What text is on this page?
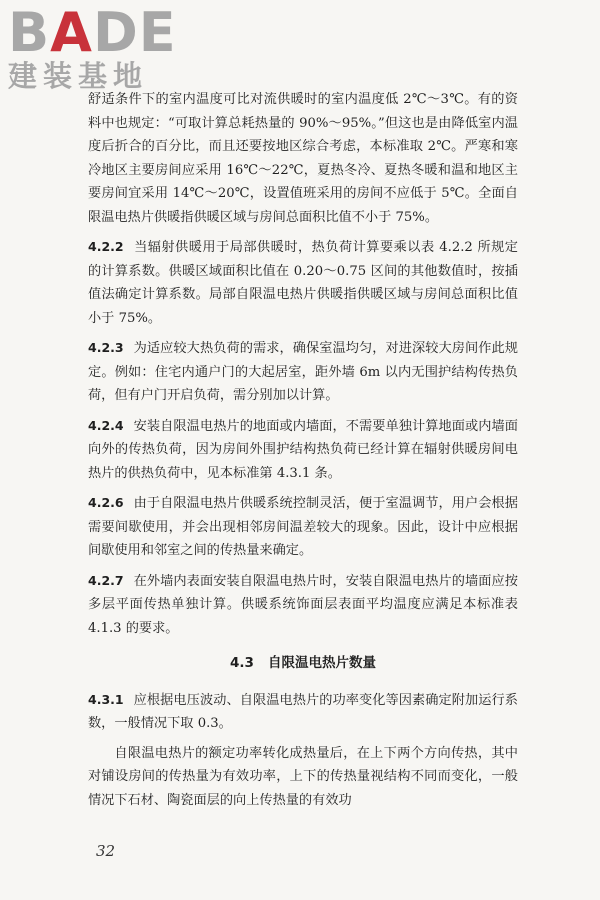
BADE
建装基地

舒适条件下的室内温度可比对流供暖时的室内温度低 2℃～3℃。有的资料中也规定：“可取计算总耗热量的 90%～95%。”但这也是由降低室内温度后折合的百分比，而且还要按地区综合考虑，本标准取 2℃。严寒和寒冷地区主要房间应采用 16℃～22℃，夏热冬冷、夏热冬暖和温和地区主要房间宜采用 14℃～20℃，设置值班采用的房间不应低于 5℃。全面自限温电热片供暖指供暖区域与房间总面积比值不小于 75%。

4.2.2 当辐射供暖用于局部供暖时，热负荷计算要乘以表 4.2.2 所规定的计算系数。供暖区域面积比值在 0.20～0.75 区间的其他数值时，按插值法确定计算系数。局部自限温电热片供暖指供暖区域与房间总面积比值小于 75%。

4.2.3 为适应较大热负荷的需求，确保室温均匀，对进深较大房间作此规定。例如：住宅内通户门的大起居室，距外墙 6m 以内无围护结构传热负荷，但有户门开启负荷，需分别加以计算。

4.2.4 安装自限温电热片的地面或内墙面，不需要单独计算地面或内墙面向外的传热负荷，因为房间外围护结构热负荷已经计算在辐射供暖房间电热片的供热负荷中，见本标准第 4.3.1 条。

4.2.6 由于自限温电热片供暖系统控制灵活，便于室温调节，用户会根据需要间歇使用，并会出现相邻房间温差较大的现象。因此，设计中应根据间歇使用和邻室之间的传热量来确定。

4.2.7 在外墙内表面安装自限温电热片时，安装自限温电热片的墙面应按多层平面传热单独计算。供暖系统饰面层表面平均温度应满足本标准表 4.1.3 的要求。

4.3 自限温电热片数量

4.3.1 应根据电压波动、自限温电热片的功率变化等因素确定附加运行系数，一般情况下取 0.3。

自限温电热片的额定功率转化成热量后，在上下两个方向传热，其中对铺设房间的传热量为有效功率，上下的传热量视结构不同而变化，一般情况下石材、陶瓷面层的向上传热量的有效功

32
